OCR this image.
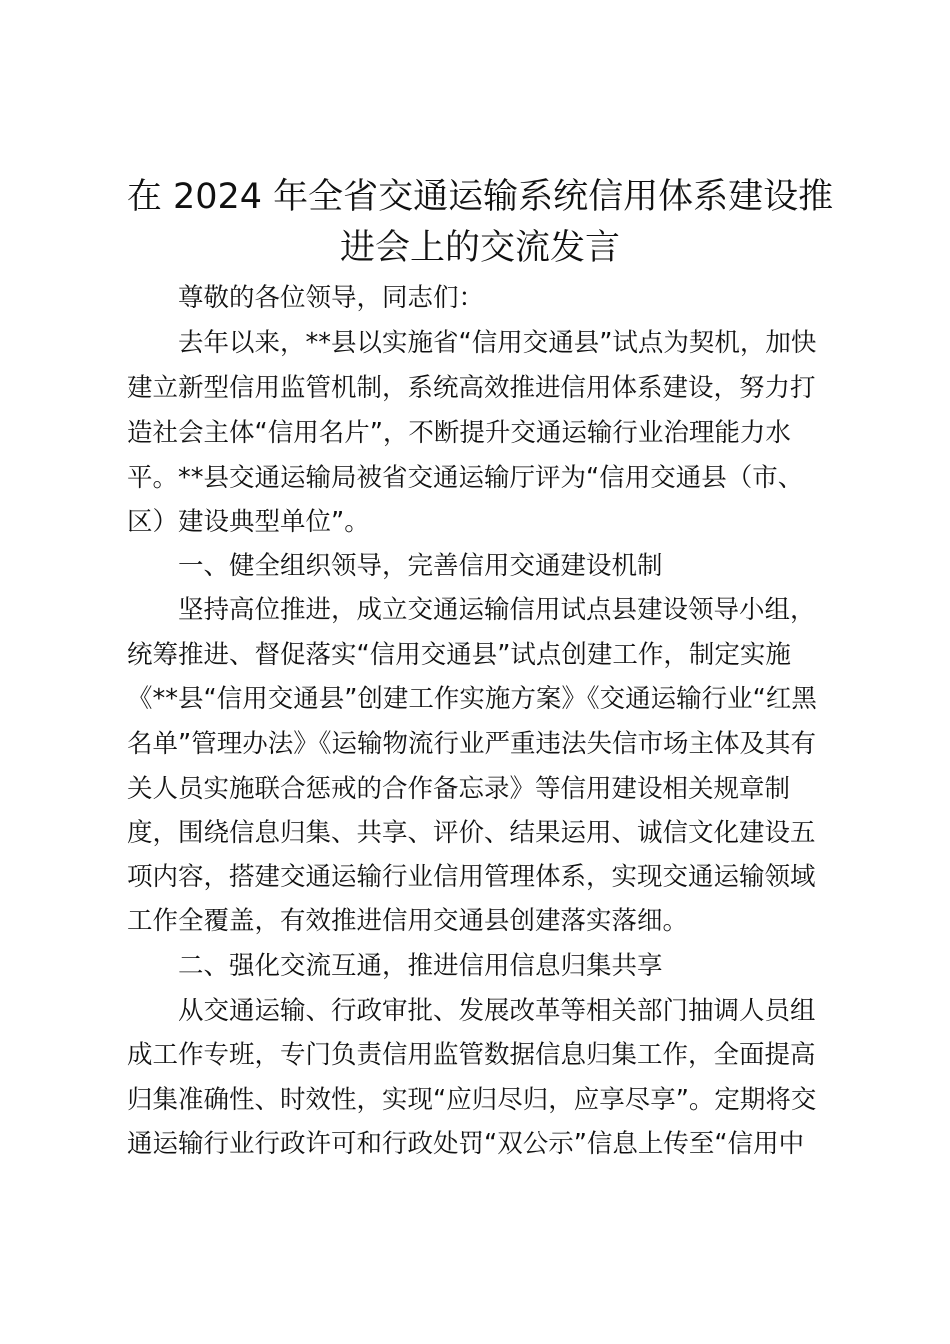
在 2024 年全省交通运输系统信用体系建设推
进会上的交流发言

尊敬的各位领导，同志们：

去年以来，**县以实施省“信用交通县”试点为契机，加快

建立新型信用监管机制，系统高效推进信用体系建设，努力打

造社会主体“信用名片”，不断提升交通运输行业治理能力水

平。**县交通运输局被省交通运输厅评为“信用交通县（市、

区）建设典型单位”。

一、健全组织领导，完善信用交通建设机制

坚持高位推进，成立交通运输信用试点县建设领导小组，

统筹推进、督促落实“信用交通县”试点创建工作，制定实施

《**县“信用交通县”创建工作实施方案》《交通运输行业“红黑

名单”管理办法》《运输物流行业严重违法失信市场主体及其有

关人员实施联合惩戒的合作备忘录》等信用建设相关规章制

度，围绕信息归集、共享、评价、结果运用、诚信文化建设五

项内容，搭建交通运输行业信用管理体系，实现交通运输领域

工作全覆盖，有效推进信用交通县创建落实落细。

二、强化交流互通，推进信用信息归集共享

从交通运输、行政审批、发展改革等相关部门抽调人员组

成工作专班，专门负责信用监管数据信息归集工作，全面提高

归集准确性、时效性，实现“应归尽归，应享尽享”。定期将交

通运输行业行政许可和行政处罚“双公示”信息上传至“信用中
